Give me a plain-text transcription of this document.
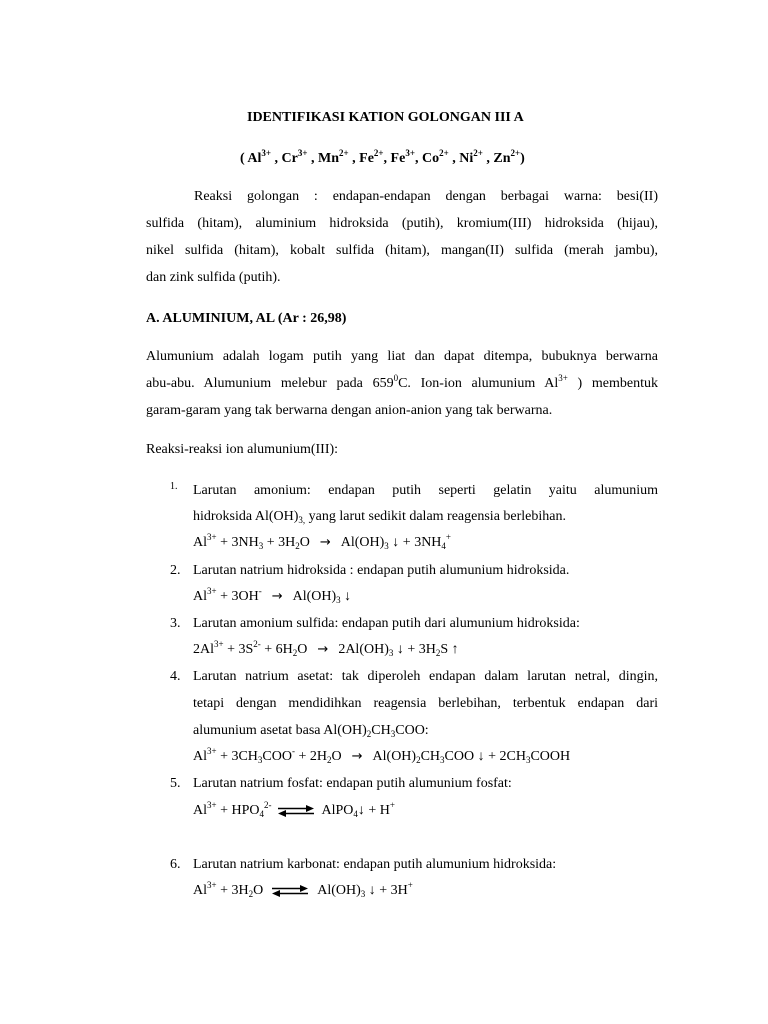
IDENTIFIKASI KATION GOLONGAN III A
( $Al^{3+}$ , $Cr^{3+}$ , $Mn^{2+}$ , $Fe^{2+}$, $Fe^{3+}$, $Co^{2+}$ , $Ni^{2+}$ , $Zn^{2+}$)
Reaksi golongan : endapan-endapan dengan berbagai warna: besi(II)
sulfida (hitam), aluminium hidroksida (putih), kromium(III) hidroksida (hijau),
nikel sulfida (hitam), kobalt sulfida (hitam), mangan(II) sulfida (merah jambu),
dan zink sulfida (putih).
A. ALUMINIUM, AL (Ar : 26,98)
Alumunium adalah logam putih yang liat dan dapat ditempa, bubuknya berwarna
abu-abu. Alumunium melebur pada $659^0C$. Ion-ion alumunium $Al^{3+}$ ) membentuk
garam-garam yang tak berwarna dengan anion-anion yang tak berwarna.
Reaksi-reaksi ion alumunium(III):
1. Larutan amonium: endapan putih seperti gelatin yaitu alumunium
hidroksida $Al(OH)_{3,}$ yang larut sedikit dalam reagensia berlebihan.
$Al^{3+} + 3NH_3 + 3H_2O \to Al(OH)_3$ ↓ + $3NH_4^+$
2. Larutan natrium hidroksida : endapan putih alumunium hidroksida.
$Al^{3+} + 3OH^- \to Al(OH)_3$ ↓
3. Larutan amonium sulfida: endapan putih dari alumunium hidroksida:
$2Al^{3+} + 3S^{2-} + 6H_2O \to 2Al(OH)_3$ ↓ + $3H_2S$ ↑
4. Larutan natrium asetat: tak diperoleh endapan dalam larutan netral, dingin,
tetapi dengan mendidihkan reagensia berlebihan, terbentuk endapan dari
alumunium asetat basa $Al(OH)_2CH_3COO$:
$Al^{3+} + 3CH_3COO^- + 2H_2O \to Al(OH)_2CH_3COO$ ↓ + $2CH_3COOH$
5. Larutan natrium fosfat: endapan putih alumunium fosfat:
$Al^{3+} + HPO_4^{2-}$ ⇌ AlPO$_4$↓ + H+
6. Larutan natrium karbonat: endapan putih alumunium hidroksida:
$Al^{3+} + 3H_2O$ ⇌ $Al(OH)_3$ ↓ + 3H+
